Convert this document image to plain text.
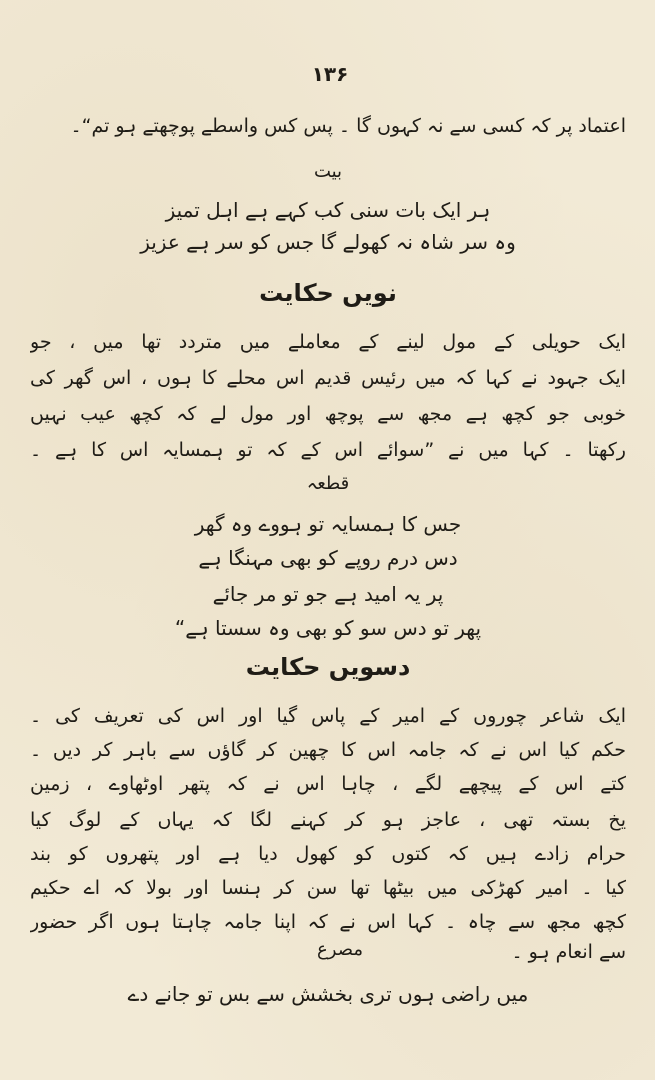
۱۳۶
اعتماد پر کہ کسی سے نہ کہوں گا ۔ پس کس واسطے پوچھتے ہو تم“۔
بیت
ہر ایک بات سنی کب کہے ہے اہل تمیز
وہ سر شاہ نہ کھولے گا جس کو سر ہے عزیز
نویں حکایت
ایک حویلی کے مول لینے کے معاملے میں متردد تھا میں ، جو
ایک جہود نے کہا کہ میں رئیس قدیم اس محلے کا ہوں ، اس گھر کی
خوبی جو کچھ ہے مجھ سے پوچھ اور مول لے کہ کچھ عیب نہیں
رکھتا ۔ کہا میں نے ”سوائے اس کے کہ تو ہمسایہ اس کا ہے ۔
قطعہ
جس کا ہمسایہ تو ہووے وہ گھر
دس درم روپے کو بھی مہنگا ہے
پر یہ امید ہے جو تو مر جائے
پھر تو دس سو کو بھی وہ سستا ہے“
دسویں حکایت
ایک شاعر چوروں کے امیر کے پاس گیا اور اس کی تعریف کی ۔
حکم کیا اس نے کہ جامہ اس کا چھین کر گاؤں سے باہر کر دیں ۔
کتے اس کے پیچھے لگے ، چاہا اس نے کہ پتھر اوٹھاوے ، زمین
یخ بستہ تھی ، عاجز ہو کر کہنے لگا کہ یہاں کے لوگ کیا
حرام زادے ہیں کہ کتوں کو کھول دیا ہے اور پتھروں کو بند
کیا ۔ امیر کھڑکی میں بیٹھا تھا سن کر ہنسا اور بولا کہ اے حکیم
کچھ مجھ سے چاہ ۔ کہا اس نے کہ اپنا جامہ چاہتا ہوں اگر حضور
سے انعام ہو ۔
مصرع
میں راضی ہوں تری بخشش سے بس تو جانے دے
